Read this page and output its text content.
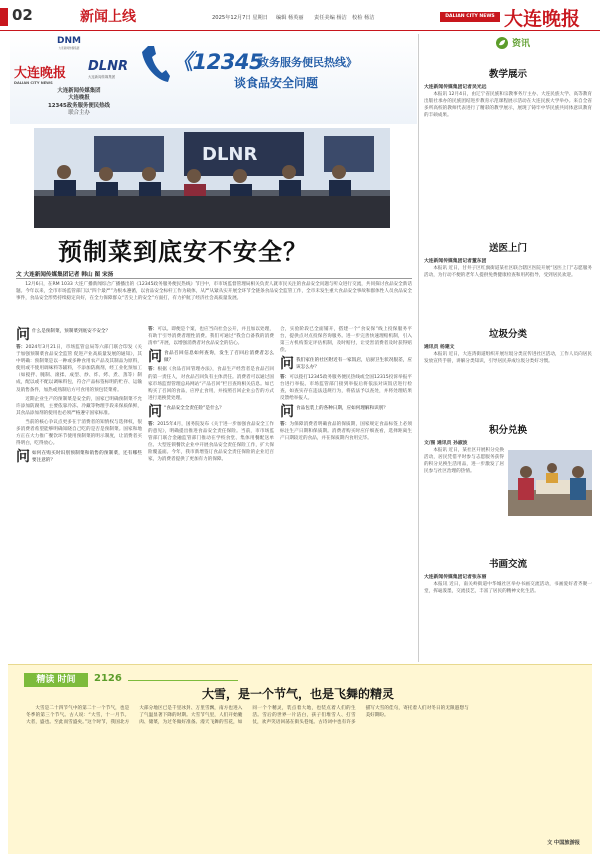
02	新闻上线	2025年12月7日 星期日 编辑 杨英丽 责任美编 杨洁 校检 杨洁	DALIAN CITY NEWS 大连晚报
DNM
大连新闻传媒集团
大连晚报
DALIAN CITY NEWS
DLNR
大连新闻传媒集团
大连新闻传媒集团
大连晚报
12345政务服务便民热线
联合主办
《12345
政务服务便民热线》
谈食品安全问题
DLNR
预制菜到底安不安全？
文 大连新闻传媒集团记者 韩山 图 宋扬
12月6日，在RM 1033 大连广播新闻综合广播播出的《12345政务服务便民热线》节目中，市市场监督管理局相关负责人就市民关注的食品安全问题与听众进行交流，共同探讨食品安全新话题。今年以来，全市市场监管部门以“四个最严”为根本遵循，以食品安全标杆工作为载体，从严从紧从实开展全环节全链条食品安全监管工作，全市未发生重大食品安全事故和群体性人员食品安全事件，食品安全形势持续稳定向好，在全力保障群众“舌尖上的安全”方面打，有力护航了经济社会高质量发展。
问 什么是预制菜，预制菜到底安不安全？
答：2024年3月21日，市场监管总局等六部门联合印发《关于加强预制菜食品安全监管 促进产业高质量发展的通知》，其中明确：预制菜是以一种或多种食用农产品及其制品为原料，使用或不使用调味料等辅料，不添加防腐剂，经工业化预加工（如搅拌、腌制、滚揉、成型、炒、炸、烤、煮、蒸等）制成，配以或不配以调味料包，符合产品标签标明的贮存、运输及销售条件，加热或熟制后方可食用的预包装菜肴。
近期企业生产的预制菜是安全的，国家已明确预制菜不允许添加防腐剂，主要依靠冷冻、冷藏等物理手段来保质保鲜，其食品添加剂的使用也必须严格遵守国家标准。
当前的核心争议点更多在于消费者的知情权与选择权，很多消费者希望能够明确知晓自己吃的是否是预制菜。国家和地方正在大力推广餐饮环节使用预制菜的明示制度，让消费者买得明白，吃得放心。
问 如何在购买时识别预制菜和销售的预制菜，还有哪些要注意的？
答：可以。即便是个案，也应当向社会公开，并且加以处理，有助于引导消费者理性消费。我们可通过“我会自备我的消费清单”开展，以增强消费者对食品安全的信心。
问 食品召回信息如何查询，发生了召回后消费者怎么做？
答：根据《食品召回管理办法》，食品生产经营者是食品召回的第一责任人，对食品召回负有主体责任。消费者可以通过国家市场监督管理总局网站“产品召回”栏目查询相关信息。如已购买了召回的食品，应停止食用，并按照召回企业公告的方式进行退换货处理。
问 “食品安全全责任险”是什么？
答：2015年4月，国务院发布《关于进一步加强食品安全工作的意见》，明确提出推进食品安全责任保险。当前，市市场监管部门联合金融监管部门推动在学校食堂、集体用餐配送单位、大型连锁餐饮企业中开展食品安全责任保险工作，扩大保险覆盖面。今年，我市新增签订食品安全责任保险的企业近百家，为消费者提供了更加有力的保障。
合，实验阶段已全面铺开，搭建一个“食安保”线上投保服务平台，提供点对点投保咨询服务。进一步完善快速理赔机制，引入第三方机构鉴定评估机制，及时赔付，让受害消费者及时获得赔偿。
问 我们家住的社区附近有一家饭店，后厨卫生状况很差，应该怎么办？
答：可以拨打12345政务服务便民热线或全国12315投诉举报平台进行举报。市场监管部门接到举报后将依法对该饭店进行检查，如查实存在违法违规行为，将依法予以查处，并将处理结果反馈给举报人。
问 食品包装上的各种日期，应如何理解和识别？
答：为保障消费者明确食品的保质期，国家规定食品标签上必须标注生产日期和保质期。消费者购买时应仔细查看，选择距离生产日期较近的食品，并在保质期内食用完毕。
资讯
教学展示
大连新闻传媒集团记者吴光远
本报讯 12月4日，由辽宁省民族和宗教事务厅主办、大连民族大学、高等教育出版社承办的民族团结进步教育示范课程展示活动在大连民族大学举办。来自全省多所高校的教师代表进行了精彩的教学展示，展现了铸牢中华民族共同体意识教育的丰硕成果。
送医上门
大连新闻传媒集团记者董东团
本报讯 近日，甘井子区红旗街道某社区联合辖区医院开展“送医上门”志愿服务活动，为行动不便的老年人提供免费健康检查和用药指导，受到居民欢迎。
垃圾分类
通讯员 杨建文
本报讯 近日，大连湾街道组织开展垃圾分类宣传进社区活动，工作人员向居民发放宣传手册，讲解分类知识，引导居民养成垃圾分类好习惯。
积分兑换
文/图 通讯员 孙淑波
本报讯 近日，某社区开展积分兑换活动，居民凭借平时参与志愿服务获得的积分兑换生活用品，进一步激发了居民参与社区治理的热情。
书画交流
大连新闻传媒集团记者张东丽
本报讯 近日，南关岭街道中华城社区举办书画交流活动，书画爱好者齐聚一堂，挥毫泼墨，交流技艺，丰富了居民的精神文化生活。
精读 时间	2126
大雪，是一个节气，也是飞舞的精灵
大雪是二十四节气中的第二十一个节气，也是冬季的第三个节气。古人说：“大雪，十一月节。大者，盛也。至此而雪盛矣。”这个时节，我国北方大部分地区已是千里冰封、万里雪飘，南方也进入了气温显著下降的时期。大雪节气里，人们开始腌肉、储菜，为过冬做好准备。漫天飞舞的雪花，如同一个个精灵，装点着大地，也装点着人们的生活。雪后的世界一片洁白，孩子们堆雪人、打雪仗，欢声笑语回荡在街头巷尾。古诗词中也有许多描写大雪的佳句，寄托着人们对冬日的无限遐想与美好期盼。
文 中国旅游报
